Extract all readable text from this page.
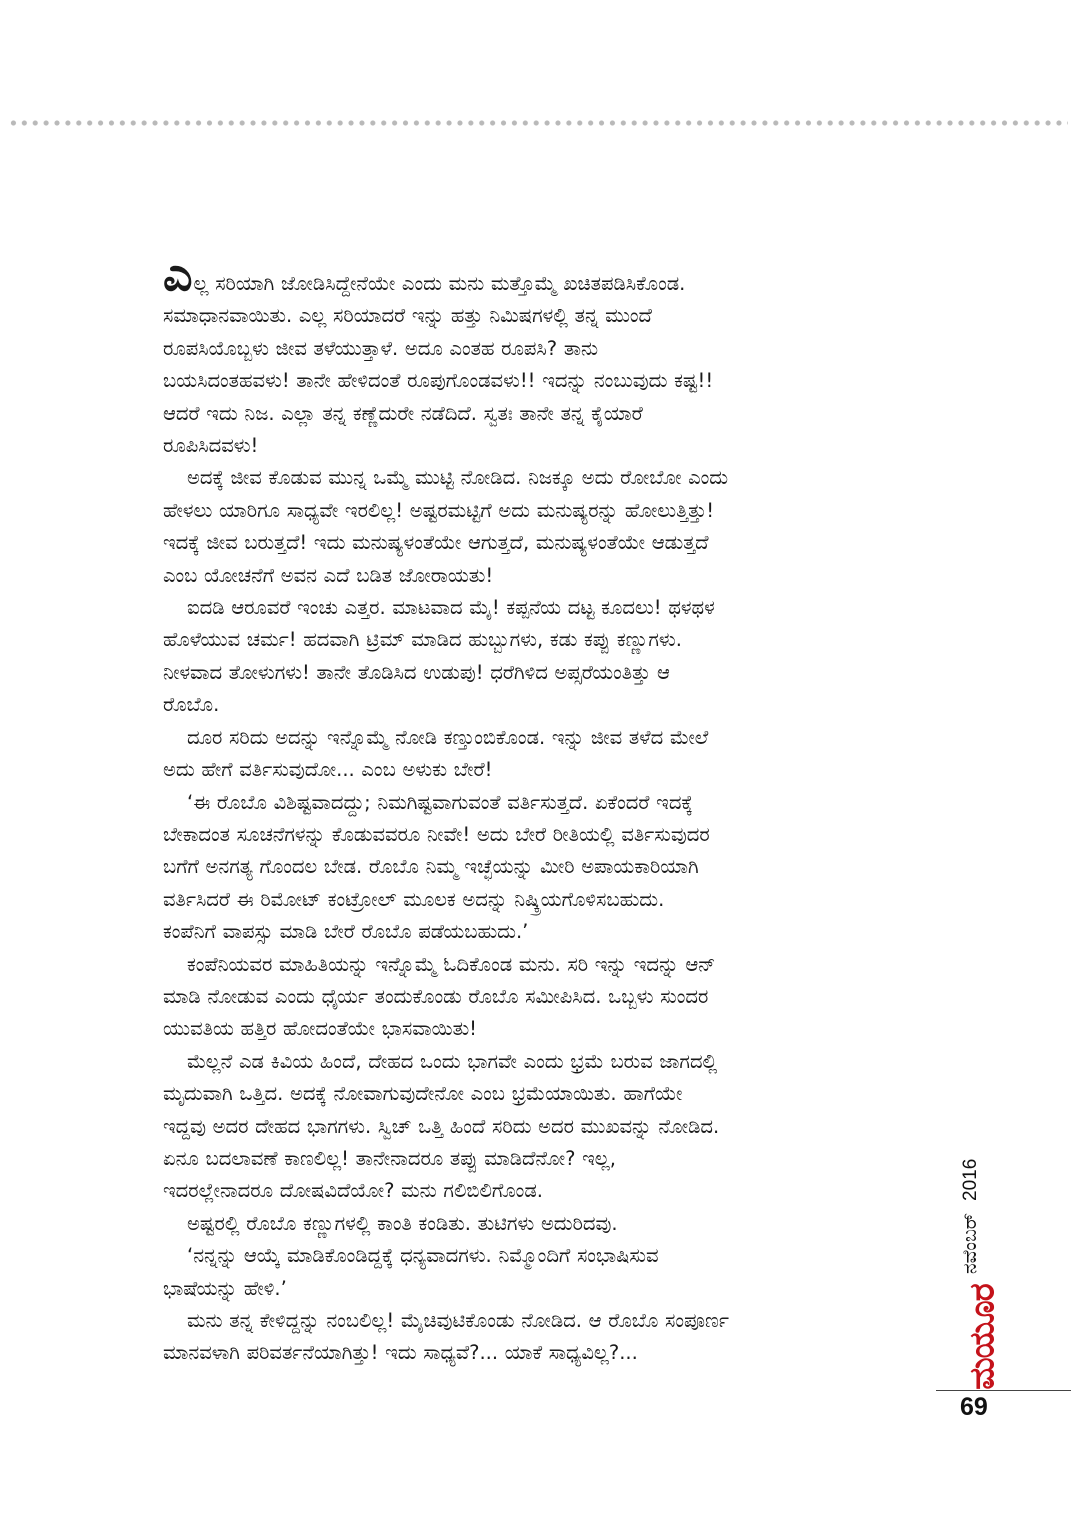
ಎಲ್ಲ ಸರಿಯಾಗಿ ಜೋಡಿಸಿದ್ದೇನೆಯೇ ಎಂದು ಮನು ಮತ್ತೊಮ್ಮೆ ಖಚಿತಪಡಿಸಿಕೊಂಡ.
ಸಮಾಧಾನವಾಯಿತು. ಎಲ್ಲ ಸರಿಯಾದರೆ ಇನ್ನು ಹತ್ತು ನಿಮಿಷಗಳಲ್ಲಿ ತನ್ನ ಮುಂದೆ
ರೂಪಸಿಯೊಬ್ಬಳು ಜೀವ ತಳೆಯುತ್ತಾಳೆ. ಅದೂ ಎಂತಹ ರೂಪಸಿ? ತಾನು
ಬಯಸಿದಂತಹವಳು! ತಾನೇ ಹೇಳಿದಂತೆ ರೂಪುಗೊಂಡವಳು!! ಇದನ್ನು ನಂಬುವುದು ಕಷ್ಟ!!
ಆದರೆ ಇದು ನಿಜ. ಎಲ್ಲಾ ತನ್ನ ಕಣ್ಣೆದುರೇ ನಡೆದಿದೆ. ಸ್ವತಃ ತಾನೇ ತನ್ನ ಕೈಯಾರೆ
ರೂಪಿಸಿದವಳು!

ಅದಕ್ಕೆ ಜೀವ ಕೊಡುವ ಮುನ್ನ ಒಮ್ಮೆ ಮುಟ್ಟಿ ನೋಡಿದ. ನಿಜಕ್ಕೂ ಅದು ರೋಬೋ ಎಂದು
ಹೇಳಲು ಯಾರಿಗೂ ಸಾಧ್ಯವೇ ಇರಲಿಲ್ಲ! ಅಷ್ಟರಮಟ್ಟಿಗೆ ಅದು ಮನುಷ್ಯರನ್ನು ಹೋಲುತ್ತಿತ್ತು!
ಇದಕ್ಕೆ ಜೀವ ಬರುತ್ತದೆ! ಇದು ಮನುಷ್ಯಳಂತೆಯೇ ಆಗುತ್ತದೆ, ಮನುಷ್ಯಳಂತೆಯೇ ಆಡುತ್ತದೆ
ಎಂಬ ಯೋಚನೆಗೆ ಅವನ ಎದೆ ಬಡಿತ ಜೋರಾಯತು!

ಐದಡಿ ಆರೂವರೆ ಇಂಚು ಎತ್ತರ. ಮಾಟವಾದ ಮೈ! ಕಪ್ಪನೆಯ ದಟ್ಟ ಕೂದಲು! ಥಳಥಳ
ಹೊಳೆಯುವ ಚರ್ಮ! ಹದವಾಗಿ ಟ್ರಿಮ್ ಮಾಡಿದ ಹುಬ್ಬುಗಳು, ಕಡು ಕಪ್ಪು ಕಣ್ಣುಗಳು.
ನೀಳವಾದ ತೋಳುಗಳು! ತಾನೇ ತೊಡಿಸಿದ ಉಡುಪು! ಧರೆಗಿಳಿದ ಅಪ್ಸರೆಯಂತಿತ್ತು ಆ
ರೊಬೊ.

ದೂರ ಸರಿದು ಅದನ್ನು ಇನ್ನೊಮ್ಮೆ ನೋಡಿ ಕಣ್ತುಂಬಿಕೊಂಡ. ಇನ್ನು ಜೀವ ತಳೆದ ಮೇಲೆ
ಅದು ಹೇಗೆ ವರ್ತಿಸುವುದೋ... ಎಂಬ ಅಳುಕು ಬೇರೆ!

‘ಈ ರೊಬೊ ವಿಶಿಷ್ಟವಾದದ್ದು; ನಿಮಗಿಷ್ಟವಾಗುವಂತೆ ವರ್ತಿಸುತ್ತದೆ. ಏಕೆಂದರೆ ಇದಕ್ಕೆ
ಬೇಕಾದಂತ ಸೂಚನೆಗಳನ್ನು ಕೊಡುವವರೂ ನೀವೇ! ಅದು ಬೇರೆ ರೀತಿಯಲ್ಲಿ ವರ್ತಿಸುವುದರ
ಬಗೆಗೆ ಅನಗತ್ಯ ಗೊಂದಲ ಬೇಡ. ರೊಬೊ ನಿಮ್ಮ ಇಚ್ಛೆಯನ್ನು ಮೀರಿ ಅಪಾಯಕಾರಿಯಾಗಿ
ವರ್ತಿಸಿದರೆ ಈ ರಿಮೋಟ್ ಕಂಟ್ರೋಲ್ ಮೂಲಕ ಅದನ್ನು ನಿಷ್ಕ್ರಿಯಗೊಳಿಸಬಹುದು.
ಕಂಪೆನಿಗೆ ವಾಪಸ್ಸು ಮಾಡಿ ಬೇರೆ ರೊಬೊ ಪಡೆಯಬಹುದು.’

ಕಂಪೆನಿಯವರ ಮಾಹಿತಿಯನ್ನು ಇನ್ನೊಮ್ಮೆ ಓದಿಕೊಂಡ ಮನು. ಸರಿ ಇನ್ನು ಇದನ್ನು ಆನ್
ಮಾಡಿ ನೋಡುವ ಎಂದು ಧೈರ್ಯ ತಂದುಕೊಂಡು ರೊಬೊ ಸಮೀಪಿಸಿದ. ಒಬ್ಬಳು ಸುಂದರ
ಯುವತಿಯ ಹತ್ತಿರ ಹೋದಂತೆಯೇ ಭಾಸವಾಯಿತು!

ಮೆಲ್ಲನೆ ಎಡ ಕಿವಿಯ ಹಿಂದೆ, ದೇಹದ ಒಂದು ಭಾಗವೇ ಎಂದು ಭ್ರಮೆ ಬರುವ ಜಾಗದಲ್ಲಿ
ಮೃದುವಾಗಿ ಒತ್ತಿದ. ಅದಕ್ಕೆ ನೋವಾಗುವುದೇನೋ ಎಂಬ ಭ್ರಮೆಯಾಯಿತು. ಹಾಗೆಯೇ
ಇದ್ದವು ಅದರ ದೇಹದ ಭಾಗಗಳು. ಸ್ವಿಚ್ ಒತ್ತಿ ಹಿಂದೆ ಸರಿದು ಅದರ ಮುಖವನ್ನು ನೋಡಿದ.
ಏನೂ ಬದಲಾವಣೆ ಕಾಣಲಿಲ್ಲ! ತಾನೇನಾದರೂ ತಪ್ಪು ಮಾಡಿದೆನೋ? ಇಲ್ಲ,
ಇದರಲ್ಲೇನಾದರೂ ದೋಷವಿದೆಯೋ? ಮನು ಗಲಿಬಿಲಿಗೊಂಡ.

ಅಷ್ಟರಲ್ಲಿ ರೊಬೊ ಕಣ್ಣುಗಳಲ್ಲಿ ಕಾಂತಿ ಕಂಡಿತು. ತುಟಿಗಳು ಅದುರಿದವು.

‘ನನ್ನನ್ನು ಆಯ್ಕೆ ಮಾಡಿಕೊಂಡಿದ್ದಕ್ಕೆ ಧನ್ಯವಾದಗಳು. ನಿಮ್ಮೊಂದಿಗೆ ಸಂಭಾಷಿಸುವ
ಭಾಷೆಯನ್ನು ಹೇಳಿ.’

ಮನು ತನ್ನ ಕೇಳಿದ್ದನ್ನು ನಂಬಲಿಲ್ಲ! ಮೈಚಿವುಟಿಕೊಂಡು ನೋಡಿದ. ಆ ರೊಬೊ ಸಂಪೂರ್ಣ
ಮಾನವಳಾಗಿ ಪರಿವರ್ತನೆಯಾಗಿತ್ತು! ಇದು ಸಾಧ್ಯವೆ?... ಯಾಕೆ ಸಾಧ್ಯವಿಲ್ಲ?...

ನವೆಂಬರ್
2016
ಮಯೂರ
69
